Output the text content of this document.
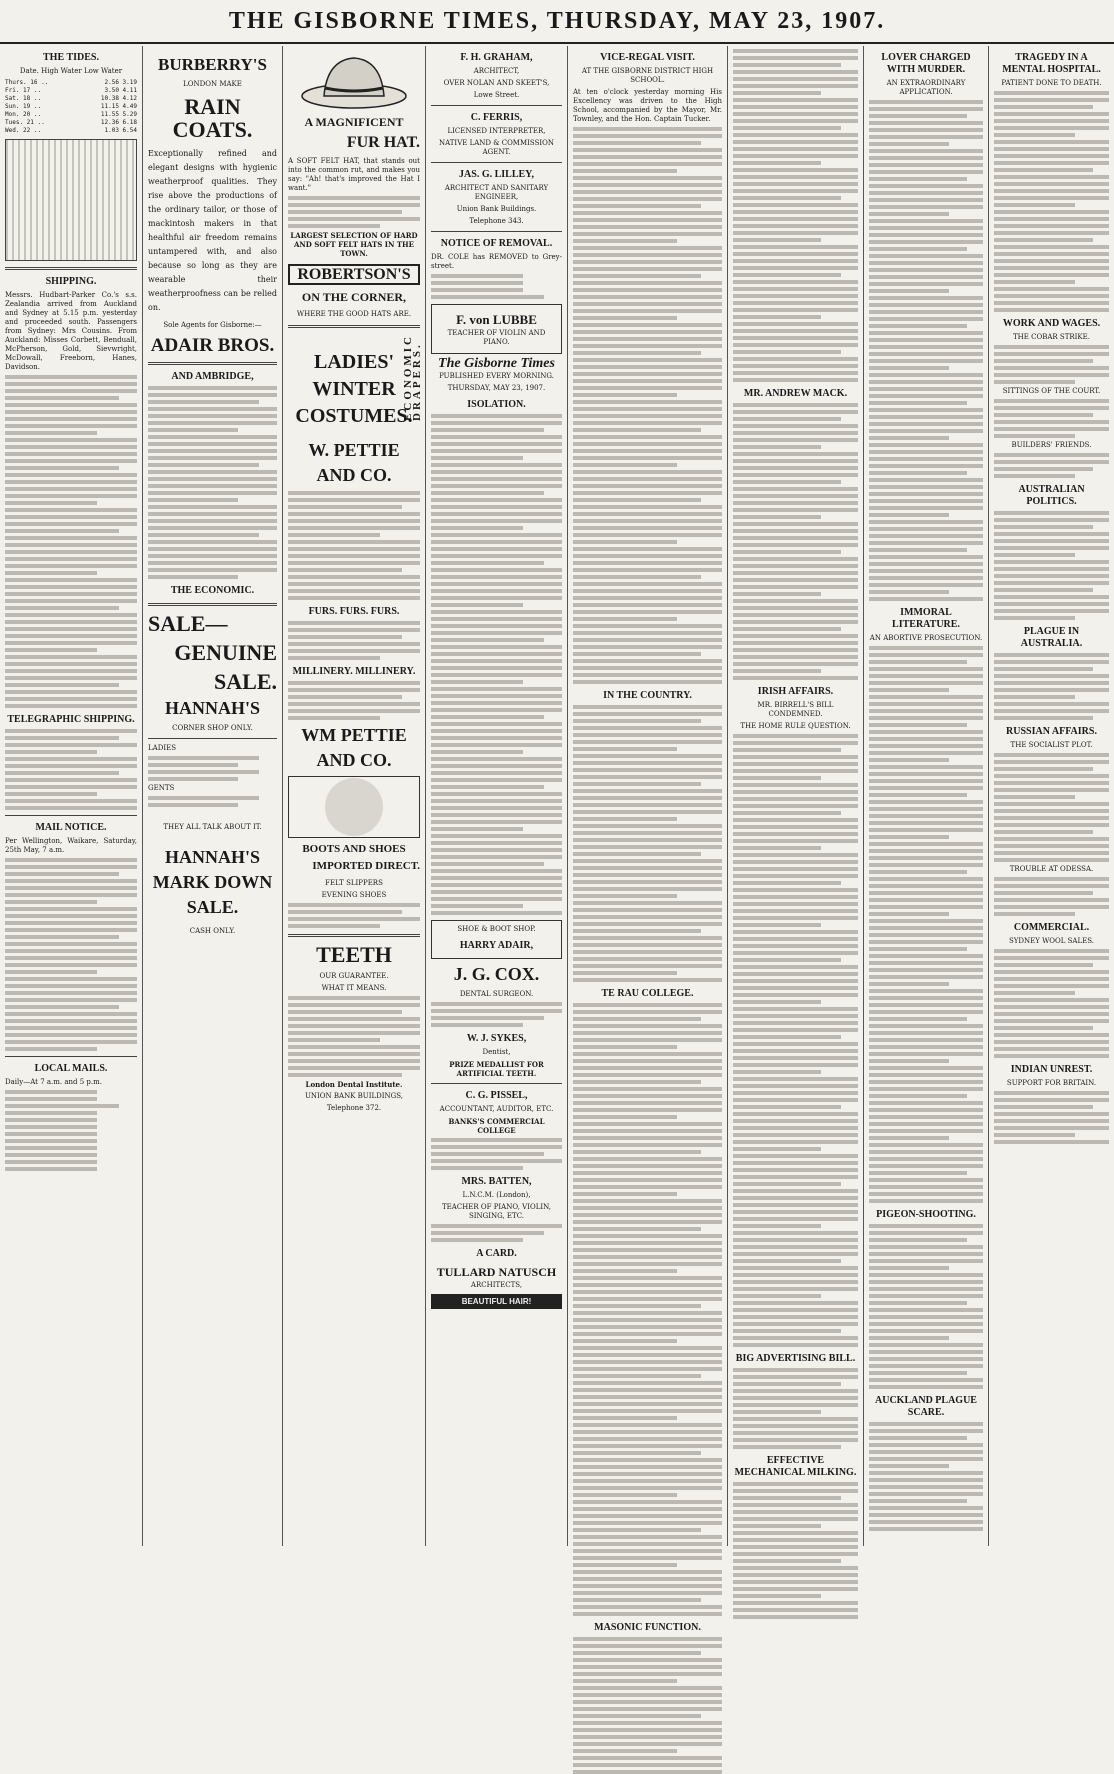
THE GISBORNE TIMES, THURSDAY, MAY 23, 1907.
THE TIDES.
Date. High Water Low Water
Thurs. 16 ..	2.56 3.19
Fri. 17 ..	3.50 4.11
Sat. 18 ..	10.38 4.12
Sun. 19 ..	11.15 4.49
Mon. 20 ..	11.55 5.29
Tues. 21 ..	12.36 6.18
Wed. 22 ..	1.03 6.54
SHIPPING.
Messrs. Hudbart-Parker Co.'s s.s. Zealandia arrived from Auckland and Sydney at 5.15 p.m. yesterday and proceeded south. Passengers from Sydney: Mrs Cousins. From Auckland: Misses Corbett, Benduall, McPherson, Gold, Sievwright, McDowall, Freeborn, Hanes, Davidson.
TELEGRAPHIC SHIPPING.
MAIL NOTICE.
Per Wellington, Waikare, Saturday, 25th May, 7 a.m.
LOCAL MAILS.
Daily—At 7 a.m. and 5 p.m.
BURBERRY'S
LONDON MAKE
RAIN COATS.
Exceptionally refined and elegant designs with hygienic weatherproof qualities. They rise above the productions of the ordinary tailor, or those of mackintosh makers in that healthful air freedom remains untampered with, and also because so long as they are wearable their weatherproofness can be relied on.
Sole Agents for Gisborne:—
ADAIR BROS.
AND AMBRIDGE,
THE ECONOMIC.
SALE—
GENUINE
SALE.
HANNAH'S
CORNER SHOP ONLY.
LADIES
GENTS
THEY ALL TALK ABOUT IT.
HANNAH'S
MARK DOWN
SALE.
CASH ONLY.
A MAGNIFICENT
FUR HAT.
A SOFT FELT HAT, that stands out into the common rut, and makes you say: "Ah! that's improved the Hat I want."
LARGEST SELECTION OF HARD AND SOFT FELT HATS IN THE TOWN.
ROBERTSON'S
ON THE CORNER,
WHERE THE GOOD HATS ARE.
ECONOMIC DRAPERS.
LADIES'
WINTER
COSTUMES.
W. PETTIE
AND CO.
FURS. FURS. FURS.
MILLINERY. MILLINERY.
WM PETTIE
AND CO.
BOOTS AND SHOES
IMPORTED DIRECT.
FELT SLIPPERS
EVENING SHOES
TEETH
OUR GUARANTEE.
WHAT IT MEANS.
London Dental Institute.
UNION BANK BUILDINGS,
Telephone 372.
F. H. GRAHAM,
ARCHITECT,
OVER NOLAN AND SKEET'S,
Lowe Street.
C. FERRIS,
LICENSED INTERPRETER,
NATIVE LAND & COMMISSION AGENT.
JAS. G. LILLEY,
ARCHITECT AND SANITARY ENGINEER,
Union Bank Buildings.
Telephone 343.
NOTICE OF REMOVAL.
DR. COLE has REMOVED to Grey-street.
F. von LUBBE
TEACHER OF VIOLIN AND PIANO.
The Gisborne Times
PUBLISHED EVERY MORNING.
THURSDAY, MAY 23, 1907.
ISOLATION.
SHOE & BOOT SHOP.
HARRY ADAIR,
J. G. COX.
DENTAL SURGEON.
W. J. SYKES,
Dentist,
PRIZE MEDALLIST FOR ARTIFICIAL TEETH.
C. G. PISSEL,
ACCOUNTANT, AUDITOR, ETC.
BANKS'S COMMERCIAL COLLEGE
MRS. BATTEN,
L.N.C.M. (London),
TEACHER OF PIANO, VIOLIN, SINGING, ETC.
A CARD.
TULLARD NATUSCH
ARCHITECTS,
BEAUTIFUL HAIR!
VICE-REGAL VISIT.
AT THE GISBORNE DISTRICT HIGH SCHOOL.
At ten o'clock yesterday morning His Excellency was driven to the High School, accompanied by the Mayor, Mr. Townley, and the Hon. Captain Tucker.
IN THE COUNTRY.
TE RAU COLLEGE.
MASONIC FUNCTION.
MR. ANDREW MACK.
IRISH AFFAIRS.
MR. BIRRELL'S BILL CONDEMNED.
THE HOME RULE QUESTION.
BIG ADVERTISING BILL.
EFFECTIVE MECHANICAL MILKING.
LOVER CHARGED WITH MURDER.
AN EXTRAORDINARY APPLICATION.
IMMORAL LITERATURE.
AN ABORTIVE PROSECUTION.
PIGEON-SHOOTING.
AUCKLAND PLAGUE SCARE.
TRAGEDY IN A MENTAL HOSPITAL.
PATIENT DONE TO DEATH.
WORK AND WAGES.
THE COBAR STRIKE.
SITTINGS OF THE COURT.
BUILDERS' FRIENDS.
AUSTRALIAN POLITICS.
PLAGUE IN AUSTRALIA.
RUSSIAN AFFAIRS.
THE SOCIALIST PLOT.
TROUBLE AT ODESSA.
COMMERCIAL.
SYDNEY WOOL SALES.
INDIAN UNREST.
SUPPORT FOR BRITAIN.
